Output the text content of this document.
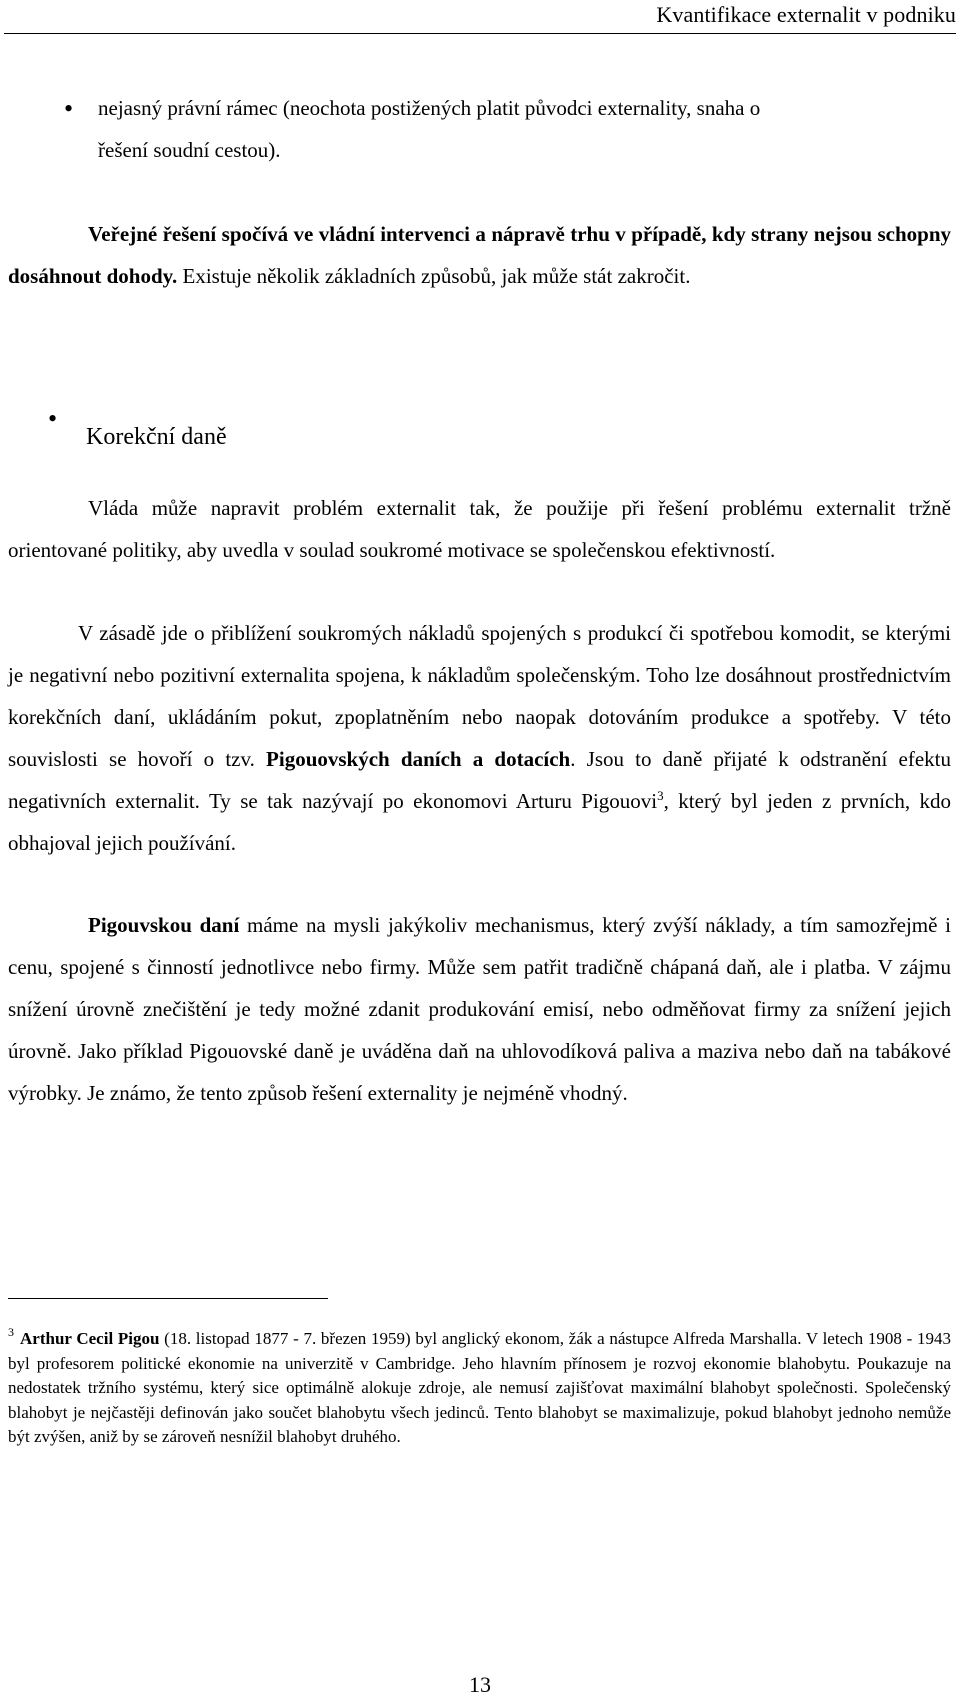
Kvantifikace externalit v podniku
• nejasný právní rámec (neochota postižených platit původci externality, snaha o
řešení soudní cestou).
Veřejné řešení spočívá ve vládní intervenci a nápravě trhu v případě, kdy strany nejsou schopny dosáhnout dohody. Existuje několik základních způsobů, jak může stát zakročit.
•
Korekční daně
Vláda může napravit problém externalit tak, že použije při řešení problému externalit tržně orientované politiky, aby uvedla v soulad soukromé motivace se společenskou efektivností.
V zásadě jde o přiblížení soukromých nákladů spojených s produkcí či spotřebou komodit, se kterými je negativní nebo pozitivní externalita spojena, k nákladům společenským. Toho lze dosáhnout prostřednictvím korekčních daní, ukládáním pokut, zpoplatněním nebo naopak dotováním produkce a spotřeby. V této souvislosti se hovoří o tzv. Pigouovských daních a dotacích. Jsou to daně přijaté k odstranění efektu negativních externalit. Ty se tak nazývají po ekonomovi Arturu Pigouovi$^3$, který byl jeden z prvních, kdo obhajoval jejich používání.
Pigouvskou daní máme na mysli jakýkoliv mechanismus, který zvýší náklady, a tím samozřejmě i cenu, spojené s činností jednotlivce nebo firmy. Může sem patřit tradičně chápaná daň, ale i platba. V zájmu snížení úrovně znečištění je tedy možné zdanit produkování emisí, nebo odměňovat firmy za snížení jejich úrovně. Jako příklad Pigouovské daně je uváděna daň na uhlovodíková paliva a maziva nebo daň na tabákové výrobky. Je známo, že tento způsob řešení externality je nejméně vhodný.
$^3$ Arthur Cecil Pigou (18. listopad 1877 - 7. březen 1959) byl anglický ekonom, žák a nástupce Alfreda Marshalla. V letech 1908 - 1943 byl profesorem politické ekonomie na univerzitě v Cambridge. Jeho hlavním přínosem je rozvoj ekonomie blahobytu. Poukazuje na nedostatek tržního systému, který sice optimálně alokuje zdroje, ale nemusí zajišťovat maximální blahobyt společnosti. Společenský blahobyt je nejčastěji definován jako součet blahobytu všech jedinců. Tento blahobyt se maximalizuje, pokud blahobyt jednoho nemůže být zvýšen, aniž by se zároveň nesnížil blahobyt druhého.
13
